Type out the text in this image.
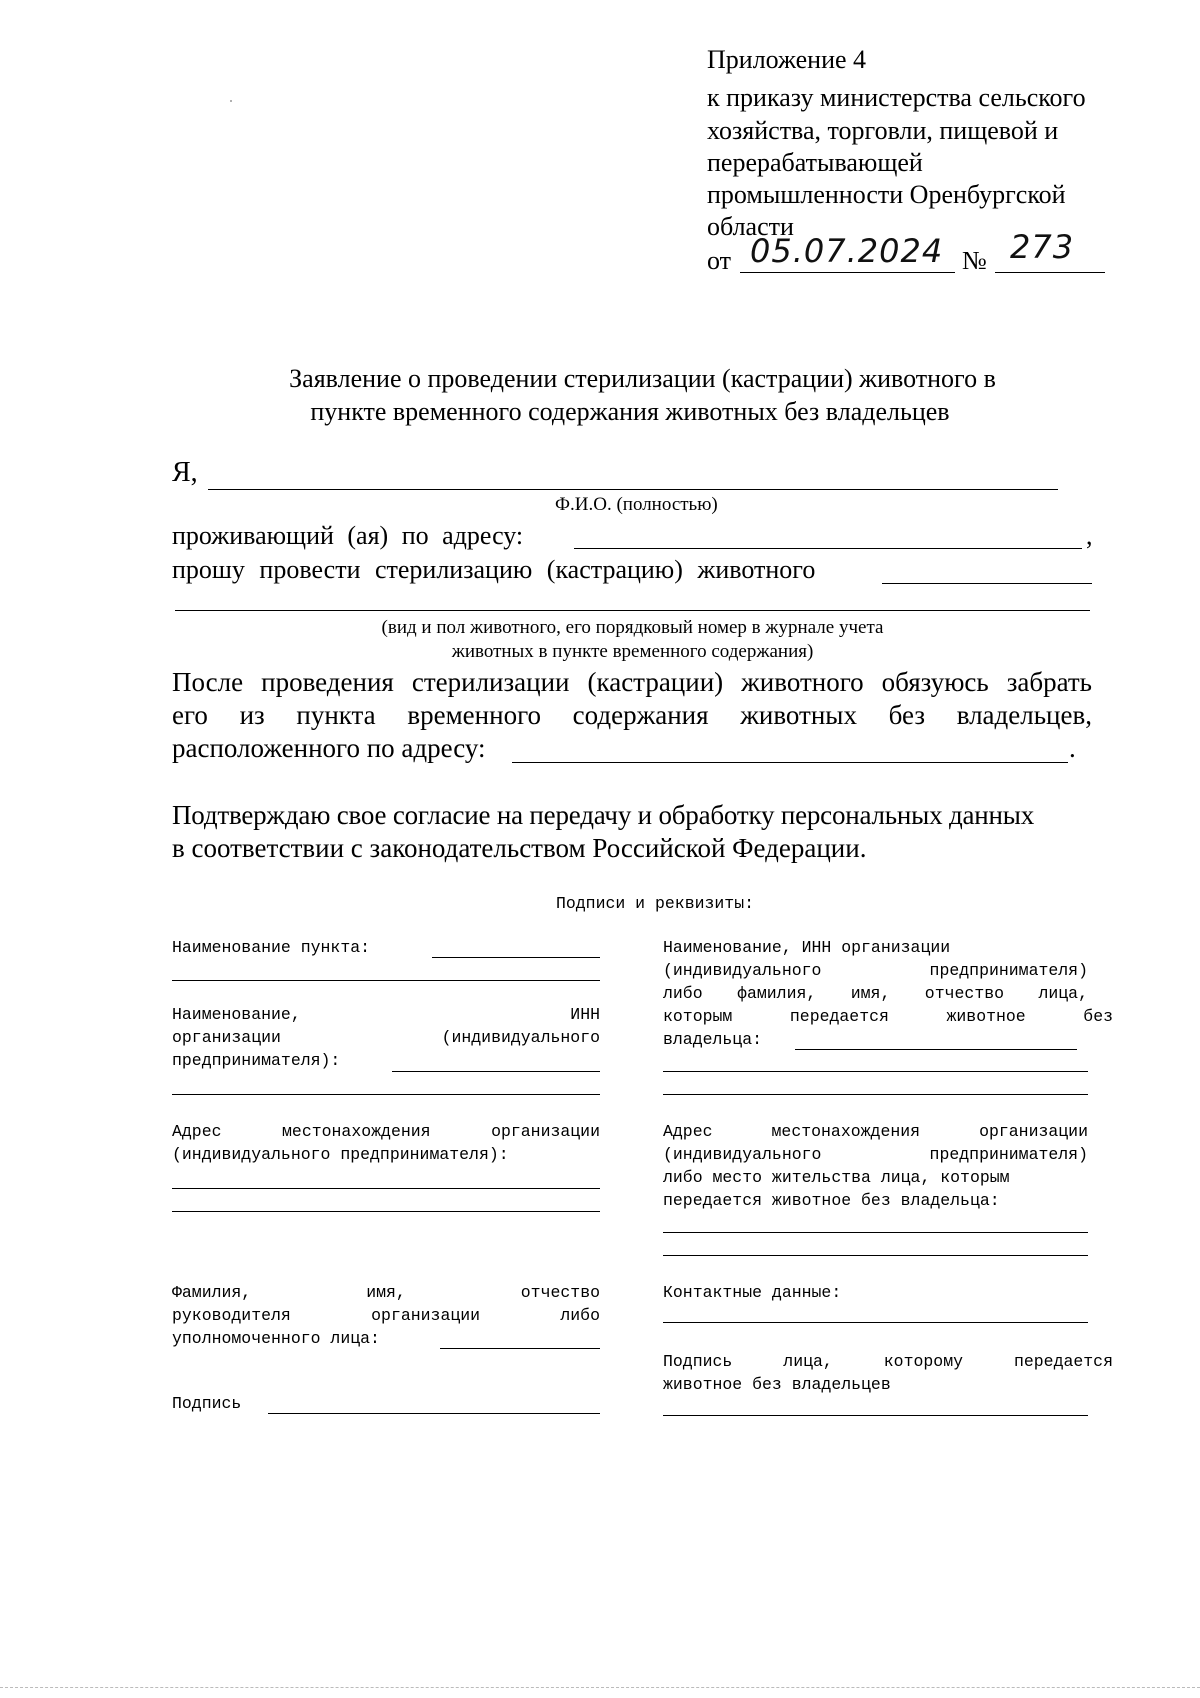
Приложение 4
к приказу министерства сельского
хозяйства, торговли, пищевой и
перерабатывающей
промышленности Оренбургской
области
от 05.07.2024 № 273
Заявление о проведении стерилизации (кастрации) животного в
пункте временного содержания животных без владельцев
Я,
Ф.И.О. (полностью)
проживающий (ая) по адресу:	,
прошу провести стерилизацию (кастрацию) животного
(вид и пол животного, его порядковый номер в журнале учета
животных в пункте временного содержания)
После проведения стерилизации (кастрации) животного обязуюсь забрать
его из пункта временного содержания животных без владельцев,
расположенного по адресу:	.
Подтверждаю свое согласие на передачу и обработку персональных данных
в соответствии с законодательством Российской Федерации.
Подписи и реквизиты:
Наименование пункта:
Наименование, ИНН
организации (индивидуального
предпринимателя):
Адрес местонахождения организации
(индивидуального предпринимателя):
Фамилия, имя, отчество
руководителя организации либо
уполномоченного лица:
Подпись
Наименование, ИНН организации
(индивидуального предпринимателя)
либо фамилия, имя, отчество лица,
которым передается животное без
владельца:
Адрес местонахождения организации
(индивидуального предпринимателя)
либо место жительства лица, которым
передается животное без владельца:
Контактные данные:
Подпись лица, которому передается
животное без владельцев
